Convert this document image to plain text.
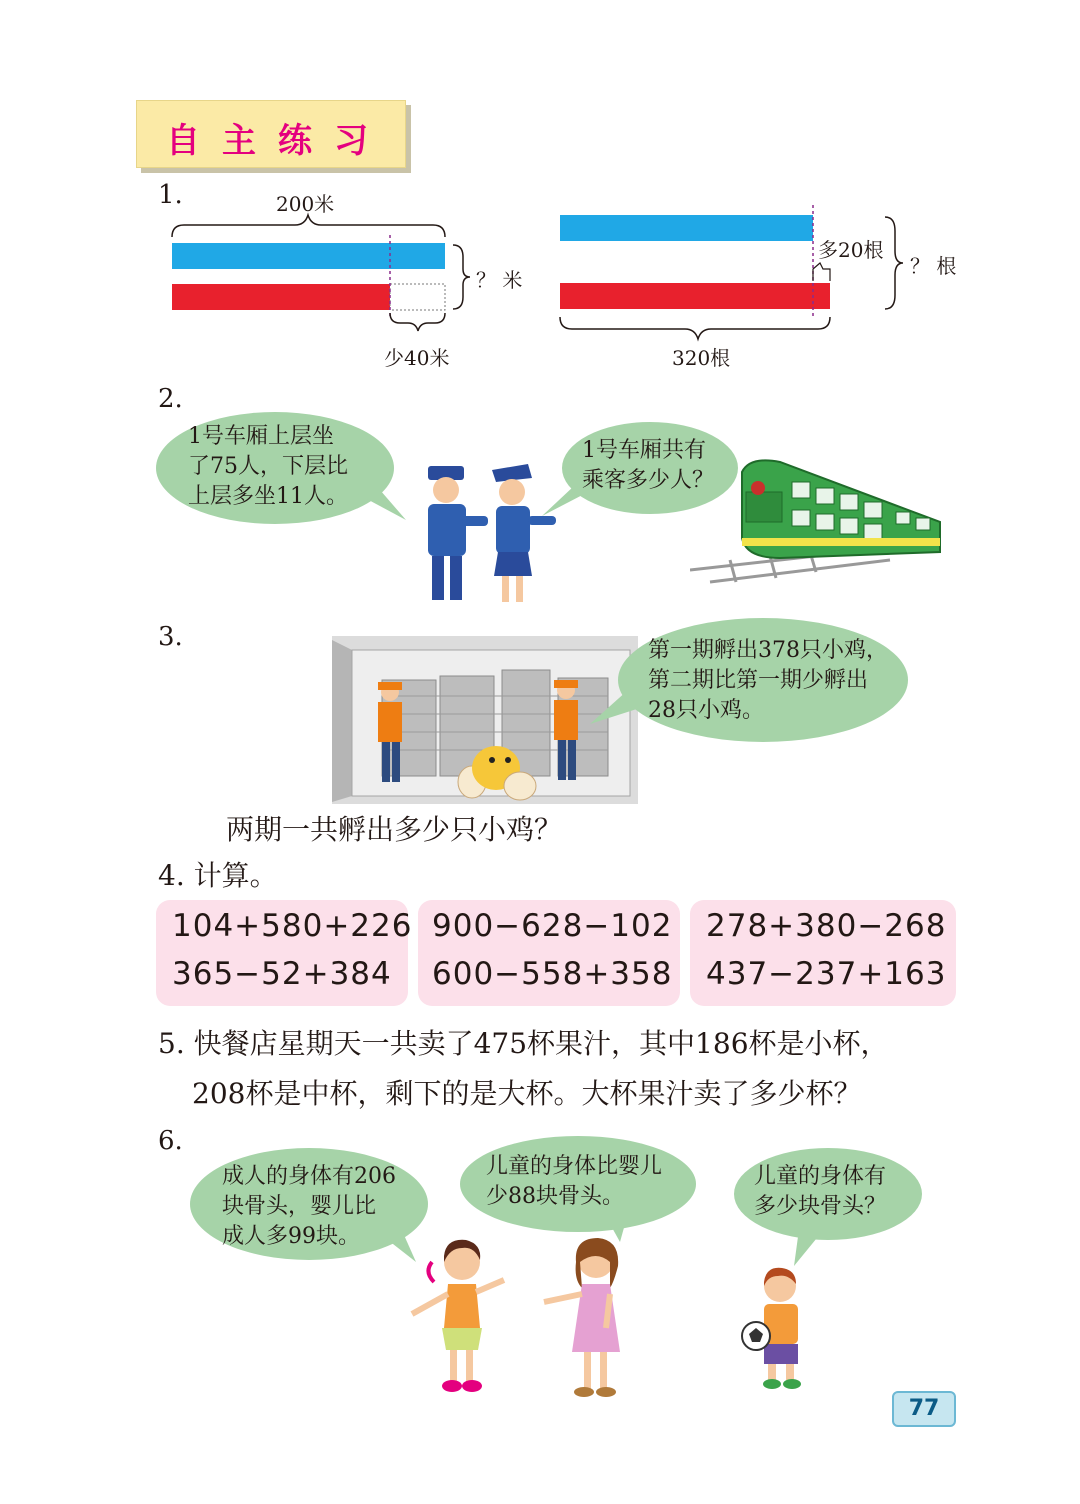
自主练习
1.	200米
？ 米
少40米
多20根
？ 根
320根
2.
1号车厢上层坐
了75人，下层比
上层多坐11人。
1号车厢共有
乘客多少人？
3.	第一期孵出378只小鸡，
第二期比第一期少孵出
28只小鸡。
两期一共孵出多少只小鸡？
4. 计算。
104+580+226
365−52+384
900−628−102
600−558+358
278+380−268
437−237+163
5. 快餐店星期天一共卖了475杯果汁，其中186杯是小杯，
208杯是中杯，剩下的是大杯。大杯果汁卖了多少杯？
6.
成人的身体有206
块骨头，婴儿比
成人多99块。
儿童的身体比婴儿
少88块骨头。
儿童的身体有
多少块骨头？
77
